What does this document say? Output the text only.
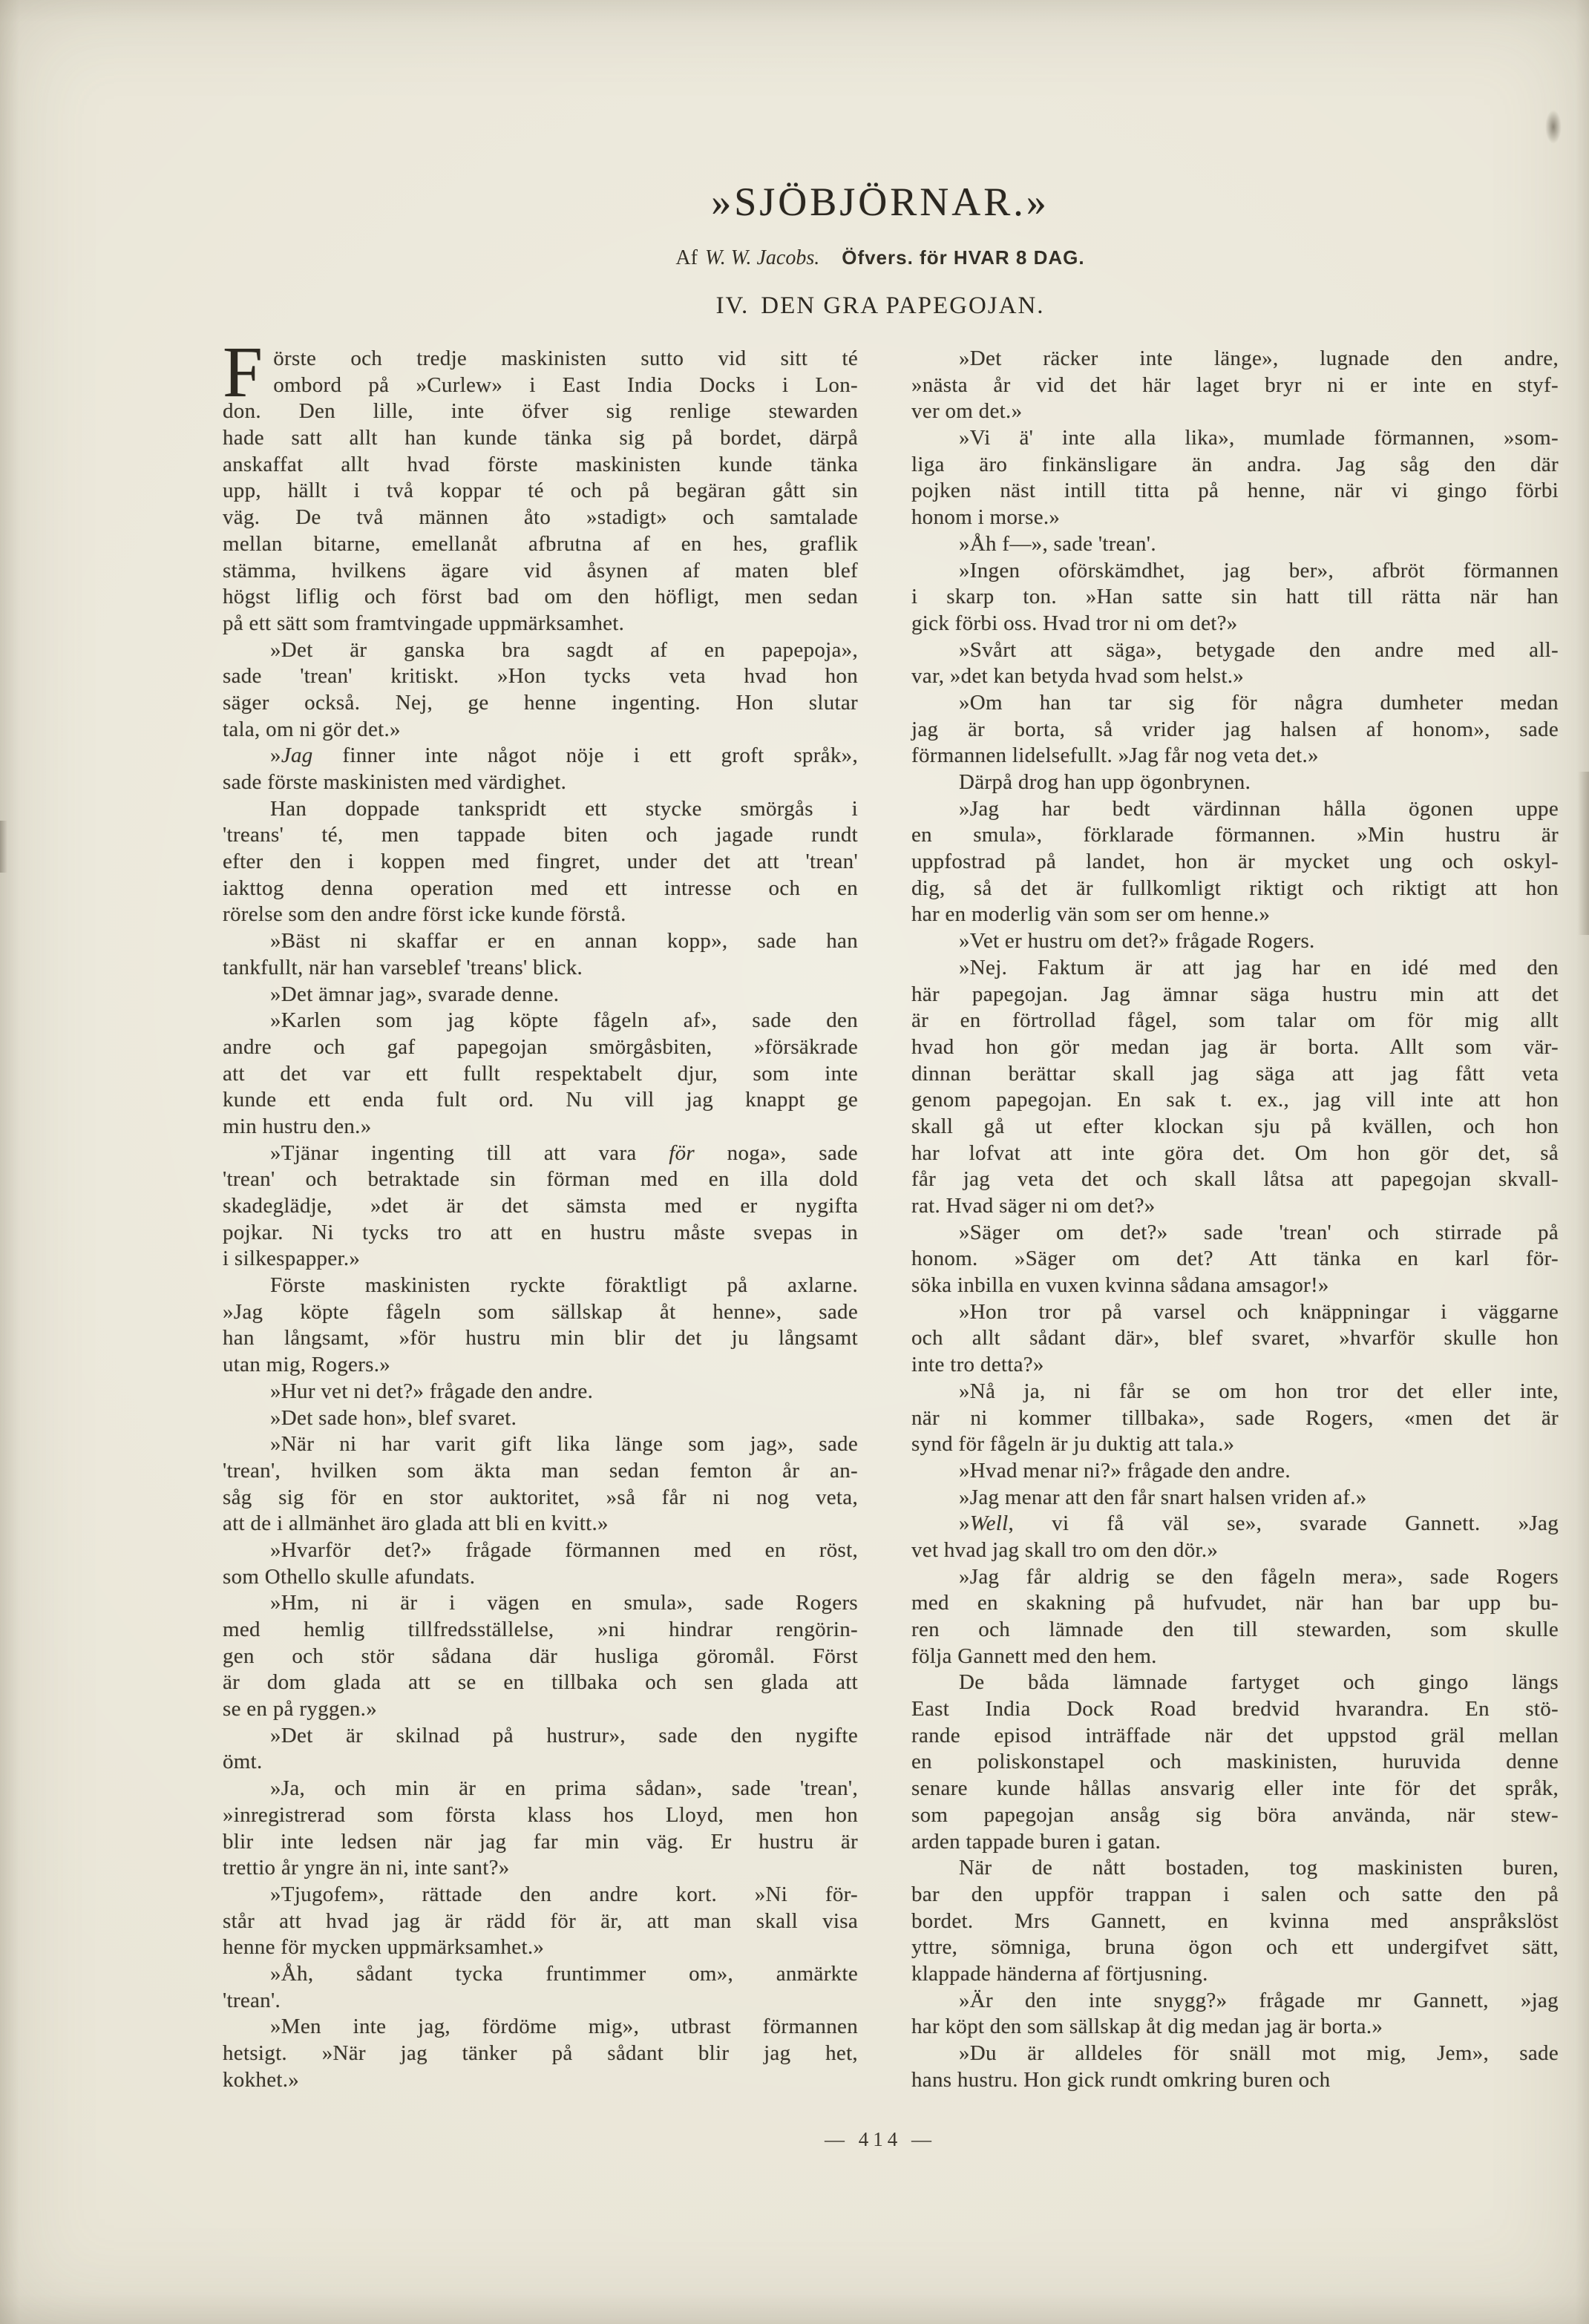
»SJÖBJÖRNAR.»
Af W. W. Jacobs. Öfvers. för HVAR 8 DAG.
IV. DEN GRA PAPEGOJAN.
Förste och tredje maskinisten sutto vid sitt té
ombord på »Curlew» i East India Docks i Lon-
don. Den lille, inte öfver sig renlige stewarden
hade satt allt han kunde tänka sig på bordet, därpå
anskaffat allt hvad förste maskinisten kunde tänka
upp, hällt i två koppar té och på begäran gått sin
väg. De två männen åto »stadigt» och samtalade
mellan bitarne, emellanåt afbrutna af en hes, graflik
stämma, hvilkens ägare vid åsynen af maten blef
högst liflig och först bad om den höfligt, men sedan
på ett sätt som framtvingade uppmärksamhet.
»Det är ganska bra sagdt af en papepoja»,
sade 'trean' kritiskt. »Hon tycks veta hvad hon
säger också. Nej, ge henne ingenting. Hon slutar
tala, om ni gör det.»
»Jag finner inte något nöje i ett groft språk»,
sade förste maskinisten med värdighet.
Han doppade tankspridt ett stycke smörgås i
'treans' té, men tappade biten och jagade rundt
efter den i koppen med fingret, under det att 'trean'
iakttog denna operation med ett intresse och en
rörelse som den andre först icke kunde förstå.
»Bäst ni skaffar er en annan kopp», sade han
tankfullt, när han varseblef 'treans' blick.
»Det ämnar jag», svarade denne.
»Karlen som jag köpte fågeln af», sade den
andre och gaf papegojan smörgåsbiten, »försäkrade
att det var ett fullt respektabelt djur, som inte
kunde ett enda fult ord. Nu vill jag knappt ge
min hustru den.»
»Tjänar ingenting till att vara för noga», sade
'trean' och betraktade sin förman med en illa dold
skadeglädje, »det är det sämsta med er nygifta
pojkar. Ni tycks tro att en hustru måste svepas in
i silkespapper.»
Förste maskinisten ryckte föraktligt på axlarne.
»Jag köpte fågeln som sällskap åt henne», sade
han långsamt, »för hustru min blir det ju långsamt
utan mig, Rogers.»
»Hur vet ni det?» frågade den andre.
»Det sade hon», blef svaret.
»När ni har varit gift lika länge som jag», sade
'trean', hvilken som äkta man sedan femton år an-
såg sig för en stor auktoritet, »så får ni nog veta,
att de i allmänhet äro glada att bli en kvitt.»
»Hvarför det?» frågade förmannen med en röst,
som Othello skulle afundats.
»Hm, ni är i vägen en smula», sade Rogers
med hemlig tillfredsställelse, »ni hindrar rengörin-
gen och stör sådana där husliga göromål. Först
är dom glada att se en tillbaka och sen glada att
se en på ryggen.»
»Det är skilnad på hustrur», sade den nygifte
ömt.
»Ja, och min är en prima sådan», sade 'trean',
»inregistrerad som första klass hos Lloyd, men hon
blir inte ledsen när jag far min väg. Er hustru är
trettio år yngre än ni, inte sant?»
»Tjugofem», rättade den andre kort. »Ni för-
står att hvad jag är rädd för är, att man skall visa
henne för mycken uppmärksamhet.»
»Åh, sådant tycka fruntimmer om», anmärkte
'trean'.
»Men inte jag, fördöme mig», utbrast förmannen
hetsigt. »När jag tänker på sådant blir jag het,
kokhet.»
»Det räcker inte länge», lugnade den andre,
»nästa år vid det här laget bryr ni er inte en styf-
ver om det.»
»Vi ä' inte alla lika», mumlade förmannen, »som-
liga äro finkänsligare än andra. Jag såg den där
pojken näst intill titta på henne, när vi gingo förbi
honom i morse.»
»Åh f—», sade 'trean'.
»Ingen oförskämdhet, jag ber», afbröt förmannen
i skarp ton. »Han satte sin hatt till rätta när han
gick förbi oss. Hvad tror ni om det?»
»Svårt att säga», betygade den andre med all-
var, »det kan betyda hvad som helst.»
»Om han tar sig för några dumheter medan
jag är borta, så vrider jag halsen af honom», sade
förmannen lidelsefullt. »Jag får nog veta det.»
Därpå drog han upp ögonbrynen.
»Jag har bedt värdinnan hålla ögonen uppe
en smula», förklarade förmannen. »Min hustru är
uppfostrad på landet, hon är mycket ung och oskyl-
dig, så det är fullkomligt riktigt och riktigt att hon
har en moderlig vän som ser om henne.»
»Vet er hustru om det?» frågade Rogers.
»Nej. Faktum är att jag har en idé med den
här papegojan. Jag ämnar säga hustru min att det
är en förtrollad fågel, som talar om för mig allt
hvad hon gör medan jag är borta. Allt som vär-
dinnan berättar skall jag säga att jag fått veta
genom papegojan. En sak t. ex., jag vill inte att hon
skall gå ut efter klockan sju på kvällen, och hon
har lofvat att inte göra det. Om hon gör det, så
får jag veta det och skall låtsa att papegojan skvall-
rat. Hvad säger ni om det?»
»Säger om det?» sade 'trean' och stirrade på
honom. »Säger om det? Att tänka en karl för-
söka inbilla en vuxen kvinna sådana amsagor!»
»Hon tror på varsel och knäppningar i väggarne
och allt sådant där», blef svaret, »hvarför skulle hon
inte tro detta?»
»Nå ja, ni får se om hon tror det eller inte,
när ni kommer tillbaka», sade Rogers, «men det är
synd för fågeln är ju duktig att tala.»
»Hvad menar ni?» frågade den andre.
»Jag menar att den får snart halsen vriden af.»
»Well, vi få väl se», svarade Gannett. »Jag
vet hvad jag skall tro om den dör.»
»Jag får aldrig se den fågeln mera», sade Rogers
med en skakning på hufvudet, när han bar upp bu-
ren och lämnade den till stewarden, som skulle
följa Gannett med den hem.
De båda lämnade fartyget och gingo längs
East India Dock Road bredvid hvarandra. En stö-
rande episod inträffade när det uppstod gräl mellan
en poliskonstapel och maskinisten, huruvida denne
senare kunde hållas ansvarig eller inte för det språk,
som papegojan ansåg sig böra använda, när stew-
arden tappade buren i gatan.
När de nått bostaden, tog maskinisten buren,
bar den uppför trappan i salen och satte den på
bordet. Mrs Gannett, en kvinna med anspråkslöst
yttre, sömniga, bruna ögon och ett undergifvet sätt,
klappade händerna af förtjusning.
»Är den inte snygg?» frågade mr Gannett, »jag
har köpt den som sällskap åt dig medan jag är borta.»
»Du är alldeles för snäll mot mig, Jem», sade
hans hustru. Hon gick rundt omkring buren och
— 414 —
